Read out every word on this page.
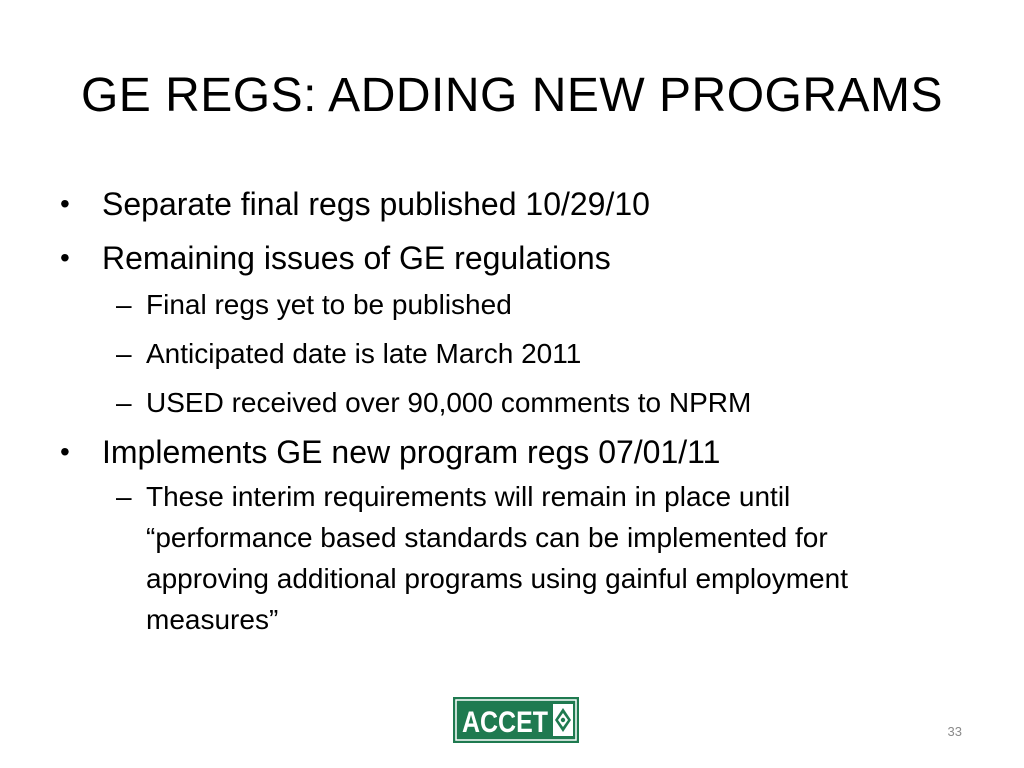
GE REGS: ADDING NEW PROGRAMS
•	Separate final regs published 10/29/10
•	Remaining issues of GE regulations
– Final regs yet to be published
– Anticipated date is late March 2011
– USED received over 90,000 comments to NPRM
•	Implements GE new program regs 07/01/11
– These interim requirements will remain in place until “performance based standards can be implemented for approving additional programs using gainful employment measures”
ACCET	33
